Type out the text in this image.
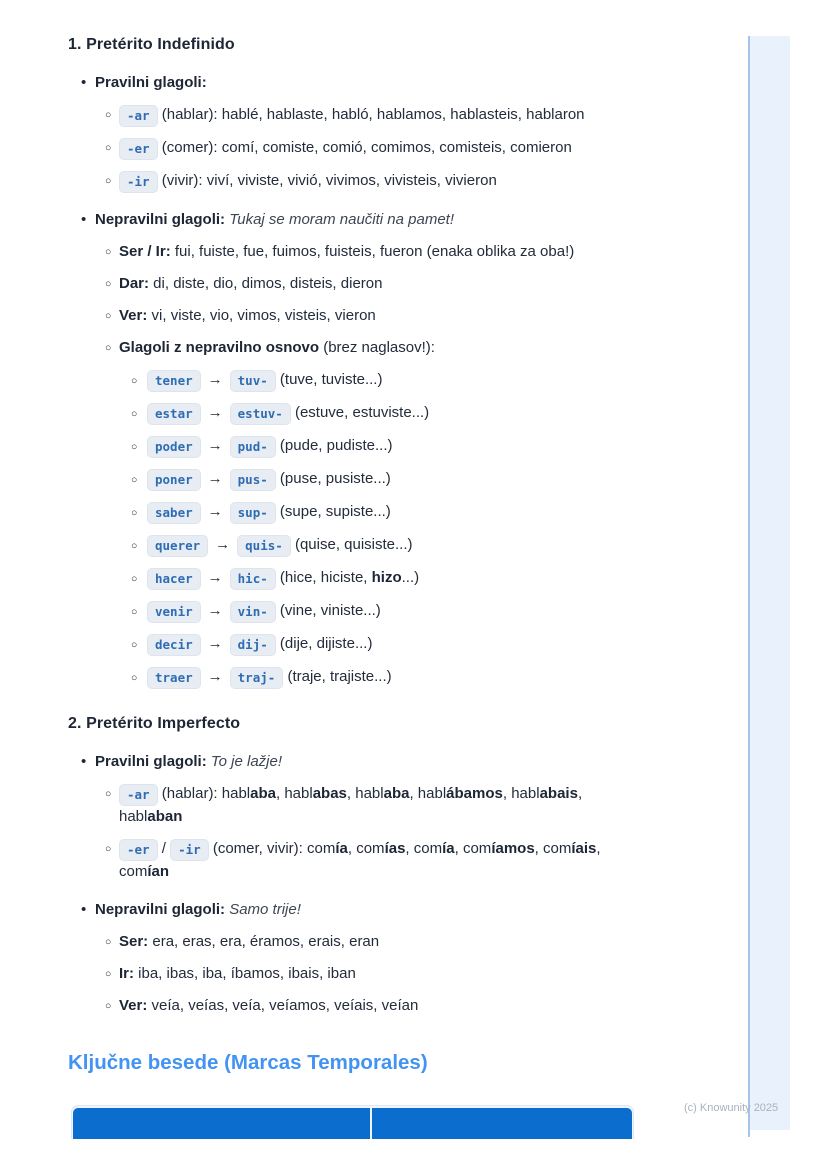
1. Pretérito Indefinido
• Pravilni glagoli:
○ -ar (hablar): hablé, hablaste, habló, hablamos, hablasteis, hablaron
○ -er (comer): comí, comiste, comió, comimos, comisteis, comieron
○ -ir (vivir): viví, viviste, vivió, vivimos, vivisteis, vivieron
• Nepravilni glagoli: Tukaj se moram naučiti na pamet!
○ Ser / Ir: fui, fuiste, fue, fuimos, fuisteis, fueron (enaka oblika za oba!)
○ Dar: di, diste, dio, dimos, disteis, dieron
○ Ver: vi, viste, vio, vimos, visteis, vieron
○ Glagoli z nepravilno osnovo (brez naglasov!):
○ tener → tuv- (tuve, tuviste...)
○ estar → estuv- (estuve, estuviste...)
○ poder → pud- (pude, pudiste...)
○ poner → pus- (puse, pusiste...)
○ saber → sup- (supe, supiste...)
○ querer → quis- (quise, quisiste...)
○ hacer → hic- (hice, hiciste, hizo...)
○ venir → vin- (vine, viniste...)
○ decir → dij- (dije, dijiste...)
○ traer → traj- (traje, trajiste...)
2. Pretérito Imperfecto
• Pravilni glagoli: To je lažje!
○ -ar (hablar): hablaba, hablabas, hablaba, hablábamos, hablabais, hablaban
○ -er / -ir (comer, vivir): comía, comías, comía, comíamos, comíais, comían
• Nepravilni glagoli: Samo trije!
○ Ser: era, eras, era, éramos, erais, eran
○ Ir: iba, ibas, iba, íbamos, ibais, iban
○ Ver: veía, veías, veía, veíamos, veíais, veían
Ključne besede (Marcas Temporales)
(c) Knowunity 2025
